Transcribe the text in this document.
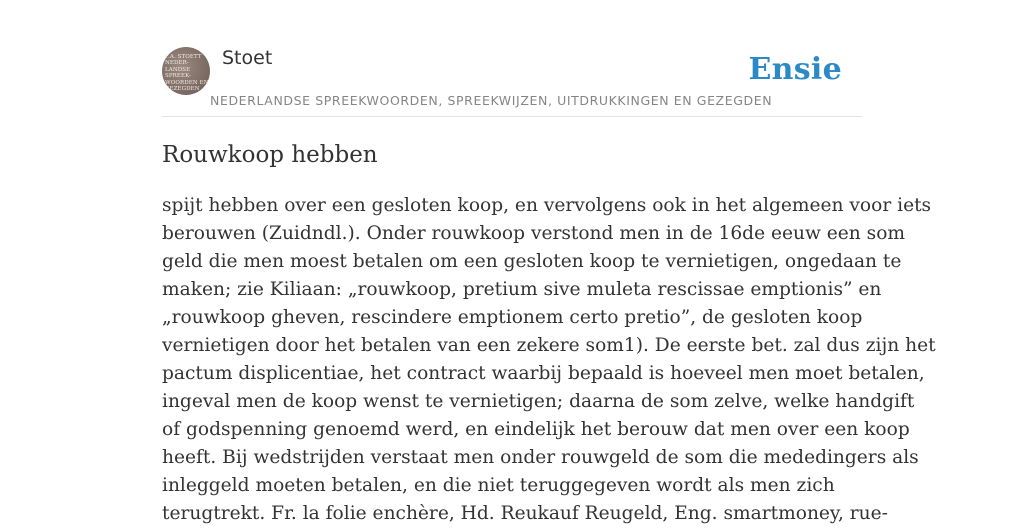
F.A. STOETT
NEDER-
LANDSE
SPREEK-
WOORDEN EN
GEZEGDEN
Stoet
NEDERLANDSE SPREEKWOORDEN, SPREEKWIJZEN, UITDRUKKINGEN EN GEZEGDEN
Ensie
Rouwkoop hebben
spijt hebben over een gesloten koop, en vervolgens ook in het algemeen voor iets
berouwen (Zuidndl.). Onder rouwkoop verstond men in de 16de eeuw een som
geld die men moest betalen om een gesloten koop te vernietigen, ongedaan te
maken; zie Kiliaan: „rouwkoop, pretium sive muleta rescissae emptionis” en
„rouwkoop gheven, rescindere emptionem certo pretio”, de gesloten koop
vernietigen door het betalen van een zekere som1). De eerste bet. zal dus zijn het
pactum displicentiae, het contract waarbij bepaald is hoeveel men moet betalen,
ingeval men de koop wenst te vernietigen; daarna de som zelve, welke handgift
of godspenning genoemd werd, en eindelijk het berouw dat men over een koop
heeft. Bij wedstrijden verstaat men onder rouwgeld de som die mededingers als
inleggeld moeten betalen, en die niet teruggegeven wordt als men zich
terugtrekt. Fr. la folie enchère, Hd. Reukauf Reugeld, Eng. smartmoney, rue-
